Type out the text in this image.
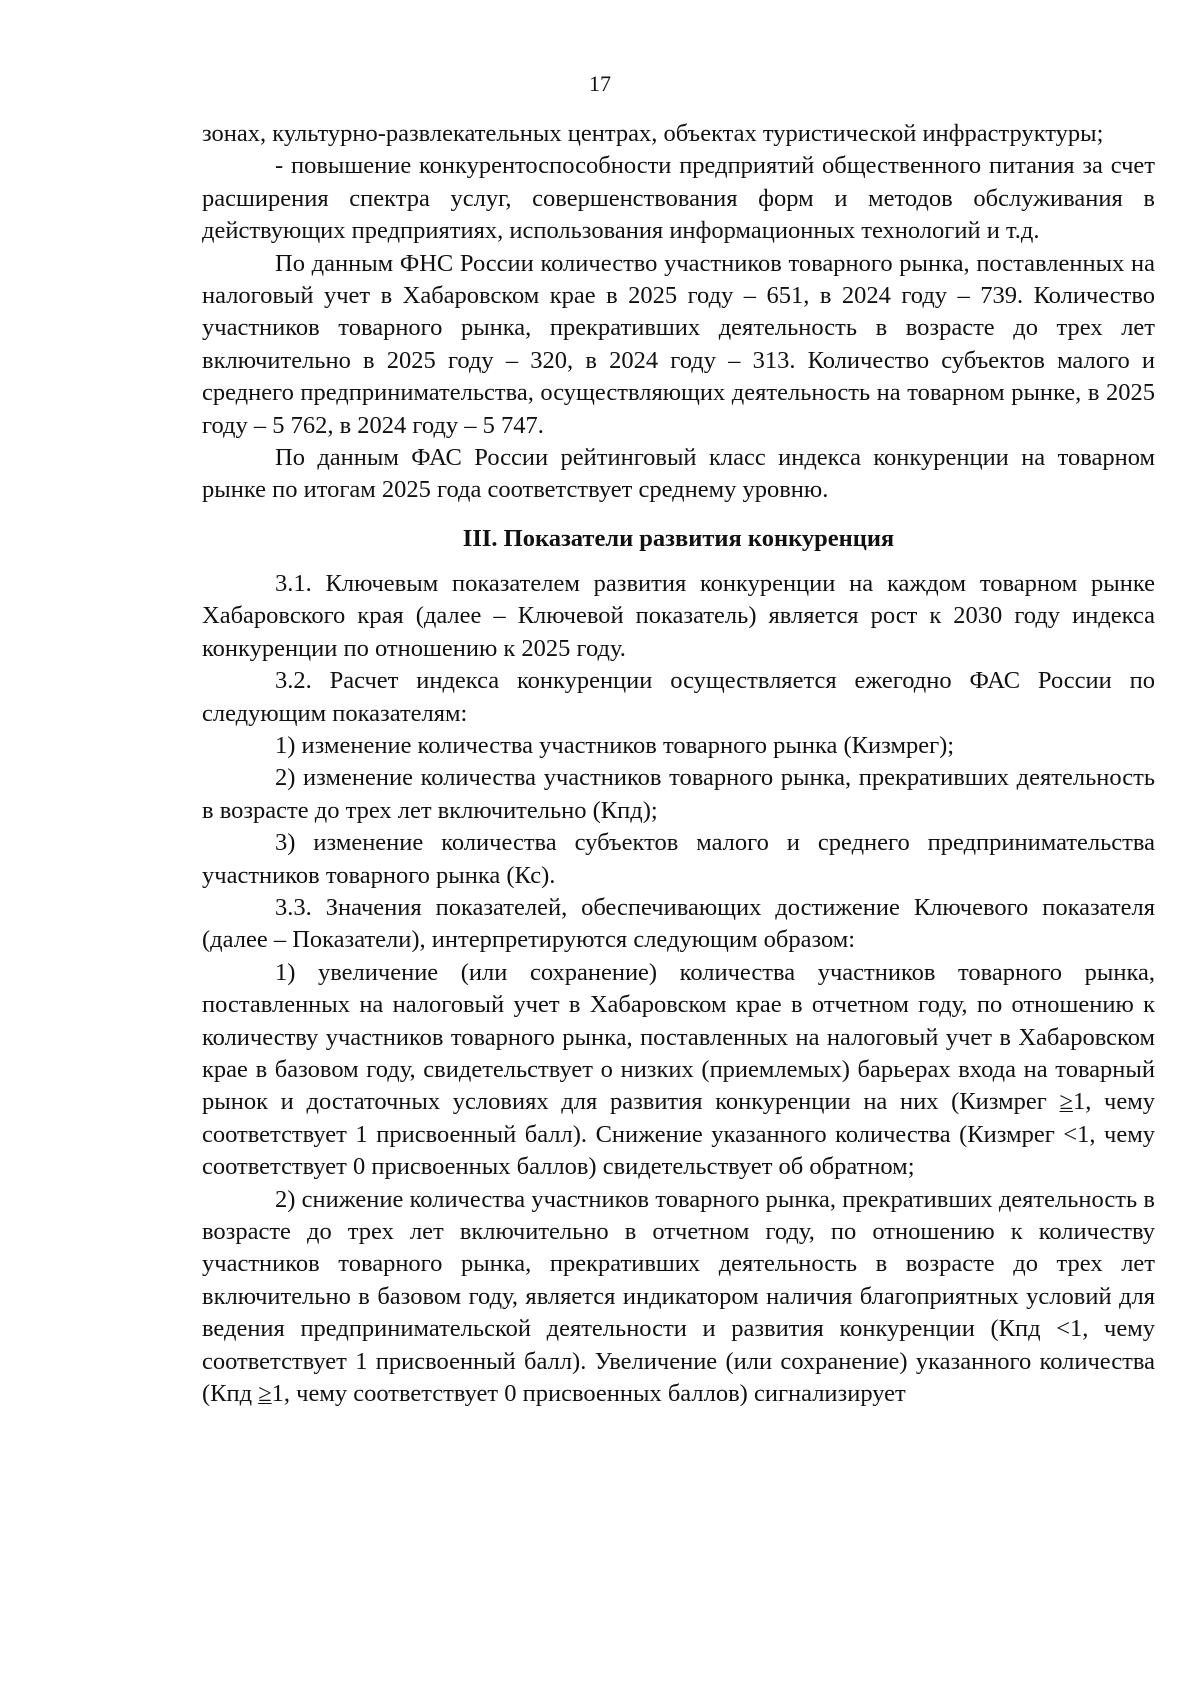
17

зонах, культурно-развлекательных центрах, объектах туристической инфраструктуры;

- повышение конкурентоспособности предприятий общественного питания за счет расширения спектра услуг, совершенствования форм и методов обслуживания в действующих предприятиях, использования информационных технологий и т.д.

По данным ФНС России количество участников товарного рынка, поставленных на налоговый учет в Хабаровском крае в 2025 году – 651, в 2024 году – 739. Количество участников товарного рынка, прекративших деятельность в возрасте до трех лет включительно в 2025 году – 320, в 2024 году – 313. Количество субъектов малого и среднего предпринимательства, осуществляющих деятельность на товарном рынке, в 2025 году – 5 762, в 2024 году – 5 747.

По данным ФАС России рейтинговый класс индекса конкуренции на товарном рынке по итогам 2025 года соответствует среднему уровню.

III. Показатели развития конкуренция

3.1. Ключевым показателем развития конкуренции на каждом товарном рынке Хабаровского края (далее – Ключевой показатель) является рост к 2030 году индекса конкуренции по отношению к 2025 году.

3.2. Расчет индекса конкуренции осуществляется ежегодно ФАС России по следующим показателям:

1) изменение количества участников товарного рынка (Кизмрег);

2) изменение количества участников товарного рынка, прекративших деятельность в возрасте до трех лет включительно (Кпд);

3) изменение количества субъектов малого и среднего предпринимательства участников товарного рынка (Кс).

3.3. Значения показателей, обеспечивающих достижение Ключевого показателя (далее – Показатели), интерпретируются следующим образом:

1) увеличение (или сохранение) количества участников товарного рынка, поставленных на налоговый учет в Хабаровском крае в отчетном году, по отношению к количеству участников товарного рынка, поставленных на налоговый учет в Хабаровском крае в базовом году, свидетельствует о низких (приемлемых) барьерах входа на товарный рынок и достаточных условиях для развития конкуренции на них (Кизмрег ≥1, чему соответствует 1 присвоенный балл). Снижение указанного количества (Кизмрег <1, чему соответствует 0 присвоенных баллов) свидетельствует об обратном;

2) снижение количества участников товарного рынка, прекративших деятельность в возрасте до трех лет включительно в отчетном году, по отношению к количеству участников товарного рынка, прекративших деятельность в возрасте до трех лет включительно в базовом году, является индикатором наличия благоприятных условий для ведения предпринимательской деятельности и развития конкуренции (Кпд <1, чему соответствует 1 присвоенный балл). Увеличение (или сохранение) указанного количества (Кпд ≥1, чему соответствует 0 присвоенных баллов) сигнализирует
